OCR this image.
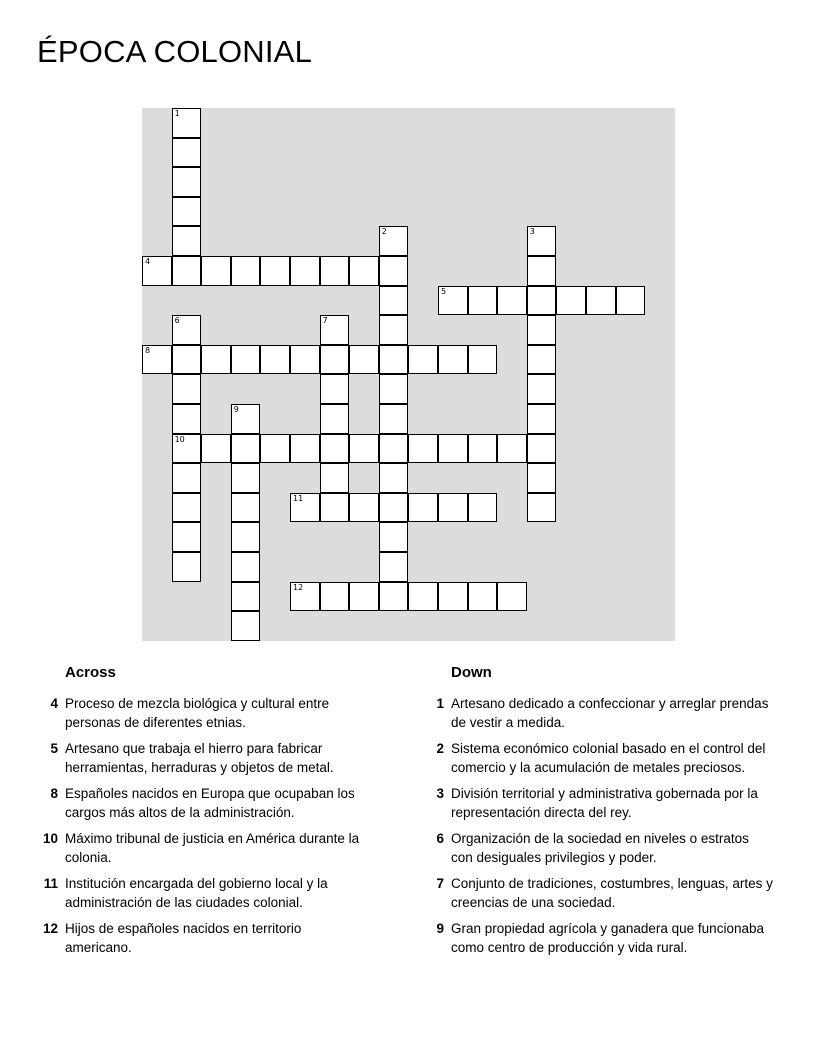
ÉPOCA COLONIAL
1
2	3
4
5
6	7
8
9
10
11
12
Across
4 Proceso de mezcla biológica y cultural entre personas de diferentes etnias.
5 Artesano que trabaja el hierro para fabricar herramientas, herraduras y objetos de metal.
8 Españoles nacidos en Europa que ocupaban los cargos más altos de la administración.
10 Máximo tribunal de justicia en América durante la colonia.
11 Institución encargada del gobierno local y la administración de las ciudades colonial.
12 Hijos de españoles nacidos en territorio americano.
Down
1 Artesano dedicado a confeccionar y arreglar prendas de vestir a medida.
2 Sistema económico colonial basado en el control del comercio y la acumulación de metales preciosos.
3 División territorial y administrativa gobernada por la representación directa del rey.
6 Organización de la sociedad en niveles o estratos con desiguales privilegios y poder.
7 Conjunto de tradiciones, costumbres, lenguas, artes y creencias de una sociedad.
9 Gran propiedad agrícola y ganadera que funcionaba como centro de producción y vida rural.
